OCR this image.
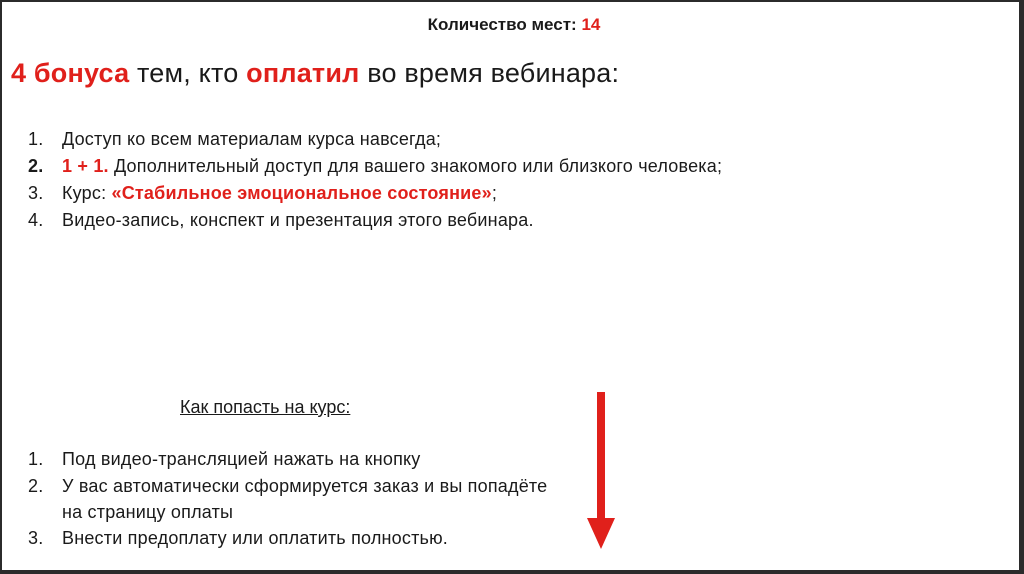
Количество мест: 14
4 бонуса тем, кто оплатил во время вебинара:
1. Доступ ко всем материалам курса навсегда;
2. 1 + 1. Дополнительный доступ для вашего знакомого или близкого человека;
3. Курс: «Стабильное эмоциональное состояние»;
4. Видео-запись, конспект и презентация этого вебинара.
Как попасть на курс:
1. Под видео-трансляцией нажать на кнопку
2. У вас автоматически сформируется заказ и вы попадёте на страницу оплаты
3. Внести предоплату или оплатить полностью.
